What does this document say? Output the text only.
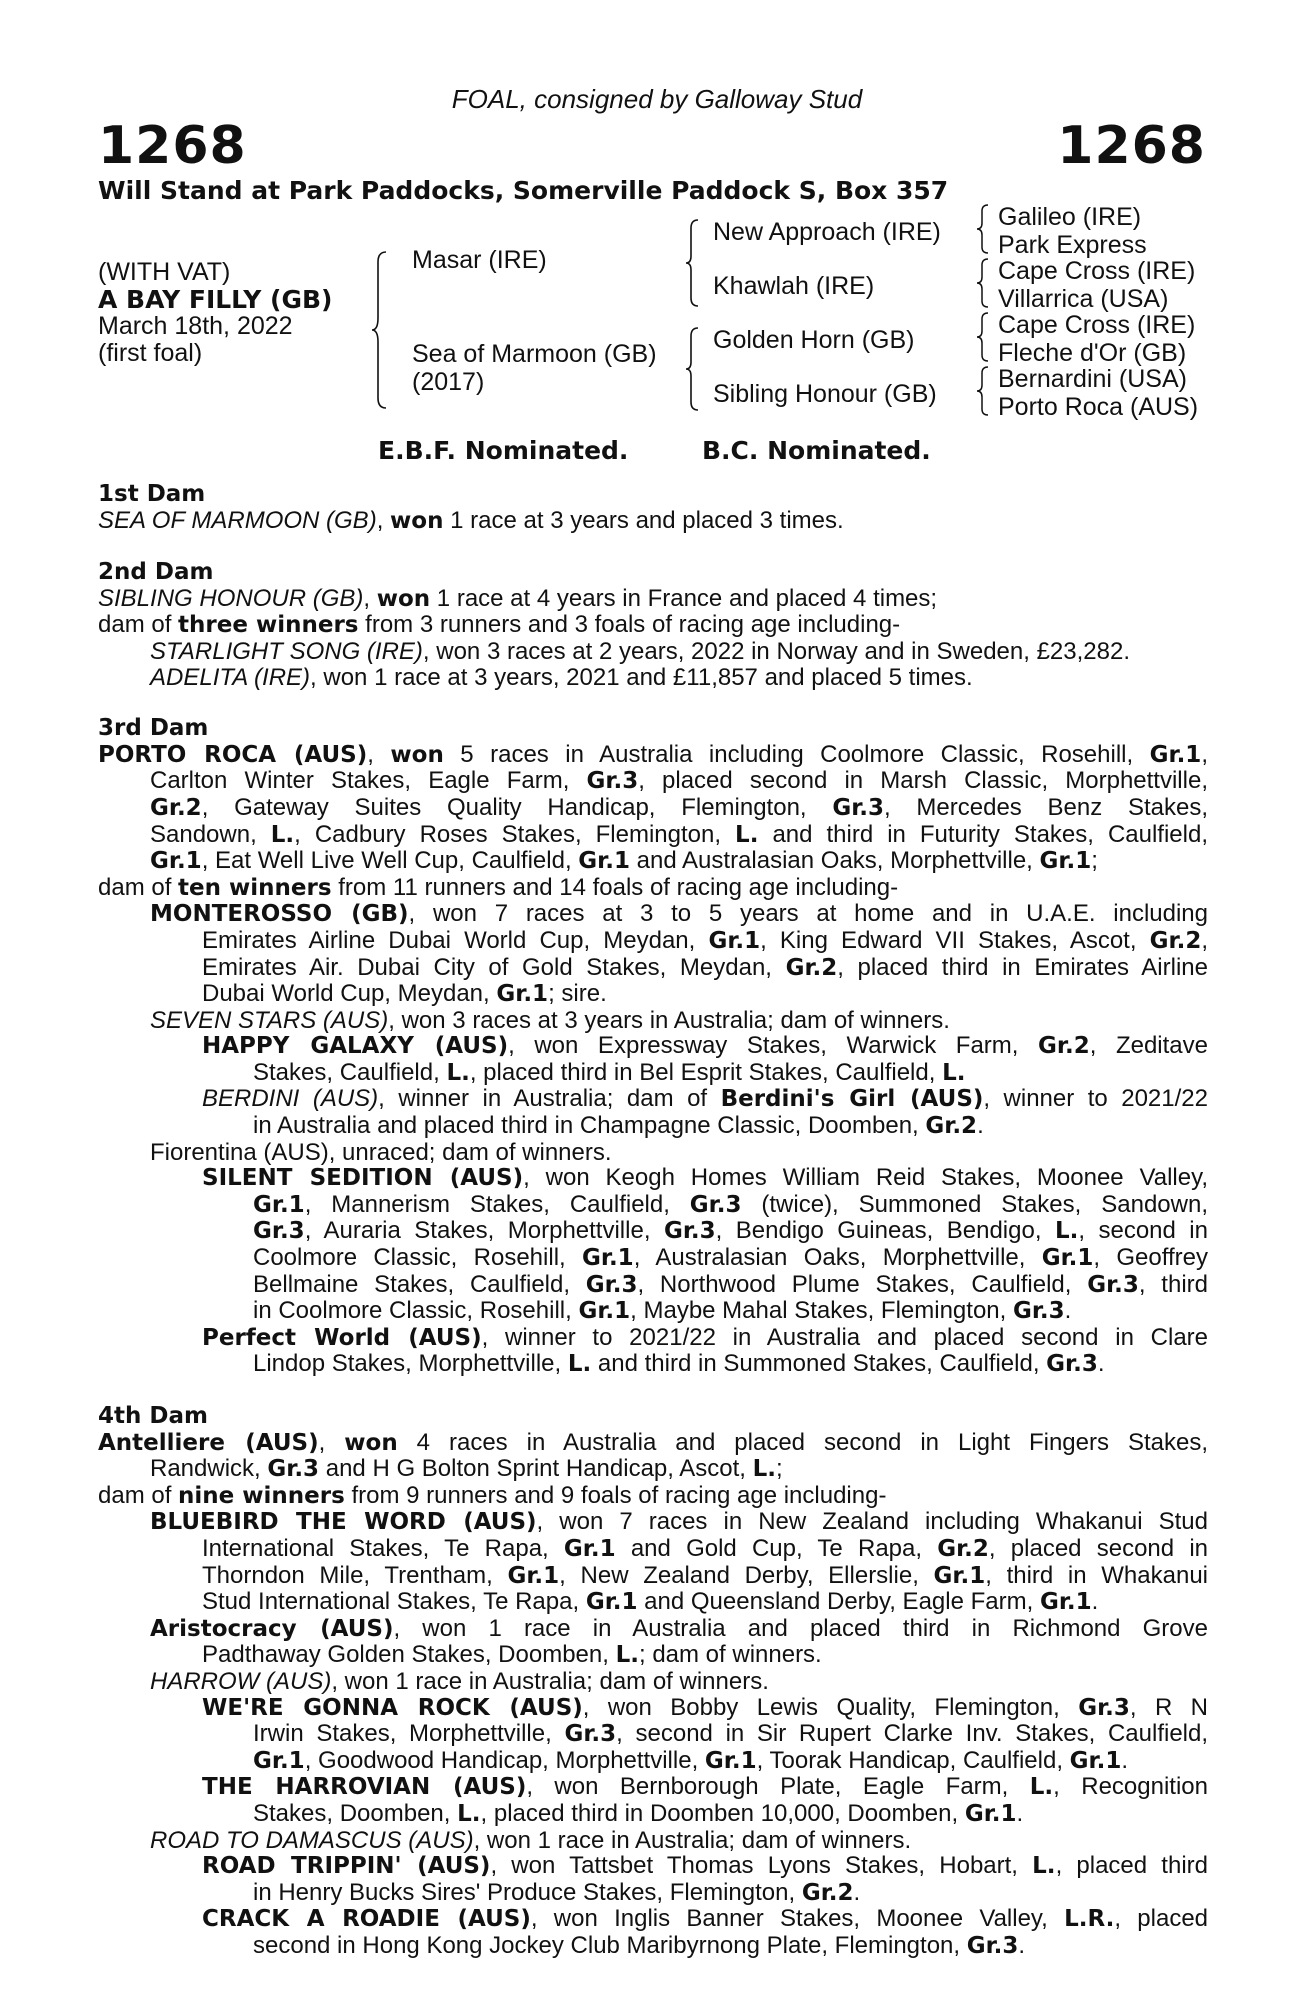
FOAL, consigned by Galloway Stud
1268	1268
Will Stand at Park Paddocks, Somerville Paddock S, Box 357
(WITH VAT)
A BAY FILLY (GB)
March 18th, 2022
(first foal)
Masar (IRE)
Sea of Marmoon (GB)
(2017)
New Approach (IRE)
Khawlah (IRE)
Golden Horn (GB)
Sibling Honour (GB)
Galileo (IRE)
Park Express
Cape Cross (IRE)
Villarrica (USA)
Cape Cross (IRE)
Fleche d'Or (GB)
Bernardini (USA)
Porto Roca (AUS)
E.B.F. Nominated.	B.C. Nominated.
1st Dam
SEA OF MARMOON (GB), won 1 race at 3 years and placed 3 times.
2nd Dam
SIBLING HONOUR (GB), won 1 race at 4 years in France and placed 4 times;
dam of three winners from 3 runners and 3 foals of racing age including-
STARLIGHT SONG (IRE), won 3 races at 2 years, 2022 in Norway and in Sweden, £23,282.
ADELITA (IRE), won 1 race at 3 years, 2021 and £11,857 and placed 5 times.
3rd Dam
PORTO ROCA (AUS), won 5 races in Australia including Coolmore Classic, Rosehill, Gr.1,
Carlton Winter Stakes, Eagle Farm, Gr.3, placed second in Marsh Classic, Morphettville,
Gr.2, Gateway Suites Quality Handicap, Flemington, Gr.3, Mercedes Benz Stakes,
Sandown, L., Cadbury Roses Stakes, Flemington, L. and third in Futurity Stakes, Caulfield,
Gr.1, Eat Well Live Well Cup, Caulfield, Gr.1 and Australasian Oaks, Morphettville, Gr.1;
dam of ten winners from 11 runners and 14 foals of racing age including-
MONTEROSSO (GB), won 7 races at 3 to 5 years at home and in U.A.E. including
Emirates Airline Dubai World Cup, Meydan, Gr.1, King Edward VII Stakes, Ascot, Gr.2,
Emirates Air. Dubai City of Gold Stakes, Meydan, Gr.2, placed third in Emirates Airline
Dubai World Cup, Meydan, Gr.1; sire.
SEVEN STARS (AUS), won 3 races at 3 years in Australia; dam of winners.
HAPPY GALAXY (AUS), won Expressway Stakes, Warwick Farm, Gr.2, Zeditave
Stakes, Caulfield, L., placed third in Bel Esprit Stakes, Caulfield, L.
BERDINI (AUS), winner in Australia; dam of Berdini's Girl (AUS), winner to 2021/22
in Australia and placed third in Champagne Classic, Doomben, Gr.2.
Fiorentina (AUS), unraced; dam of winners.
SILENT SEDITION (AUS), won Keogh Homes William Reid Stakes, Moonee Valley,
Gr.1, Mannerism Stakes, Caulfield, Gr.3 (twice), Summoned Stakes, Sandown,
Gr.3, Auraria Stakes, Morphettville, Gr.3, Bendigo Guineas, Bendigo, L., second in
Coolmore Classic, Rosehill, Gr.1, Australasian Oaks, Morphettville, Gr.1, Geoffrey
Bellmaine Stakes, Caulfield, Gr.3, Northwood Plume Stakes, Caulfield, Gr.3, third
in Coolmore Classic, Rosehill, Gr.1, Maybe Mahal Stakes, Flemington, Gr.3.
Perfect World (AUS), winner to 2021/22 in Australia and placed second in Clare
Lindop Stakes, Morphettville, L. and third in Summoned Stakes, Caulfield, Gr.3.
4th Dam
Antelliere (AUS), won 4 races in Australia and placed second in Light Fingers Stakes,
Randwick, Gr.3 and H G Bolton Sprint Handicap, Ascot, L.;
dam of nine winners from 9 runners and 9 foals of racing age including-
BLUEBIRD THE WORD (AUS), won 7 races in New Zealand including Whakanui Stud
International Stakes, Te Rapa, Gr.1 and Gold Cup, Te Rapa, Gr.2, placed second in
Thorndon Mile, Trentham, Gr.1, New Zealand Derby, Ellerslie, Gr.1, third in Whakanui
Stud International Stakes, Te Rapa, Gr.1 and Queensland Derby, Eagle Farm, Gr.1.
Aristocracy (AUS), won 1 race in Australia and placed third in Richmond Grove
Padthaway Golden Stakes, Doomben, L.; dam of winners.
HARROW (AUS), won 1 race in Australia; dam of winners.
WE'RE GONNA ROCK (AUS), won Bobby Lewis Quality, Flemington, Gr.3, R N
Irwin Stakes, Morphettville, Gr.3, second in Sir Rupert Clarke Inv. Stakes, Caulfield,
Gr.1, Goodwood Handicap, Morphettville, Gr.1, Toorak Handicap, Caulfield, Gr.1.
THE HARROVIAN (AUS), won Bernborough Plate, Eagle Farm, L., Recognition
Stakes, Doomben, L., placed third in Doomben 10,000, Doomben, Gr.1.
ROAD TO DAMASCUS (AUS), won 1 race in Australia; dam of winners.
ROAD TRIPPIN' (AUS), won Tattsbet Thomas Lyons Stakes, Hobart, L., placed third
in Henry Bucks Sires' Produce Stakes, Flemington, Gr.2.
CRACK A ROADIE (AUS), won Inglis Banner Stakes, Moonee Valley, L.R., placed
second in Hong Kong Jockey Club Maribyrnong Plate, Flemington, Gr.3.
